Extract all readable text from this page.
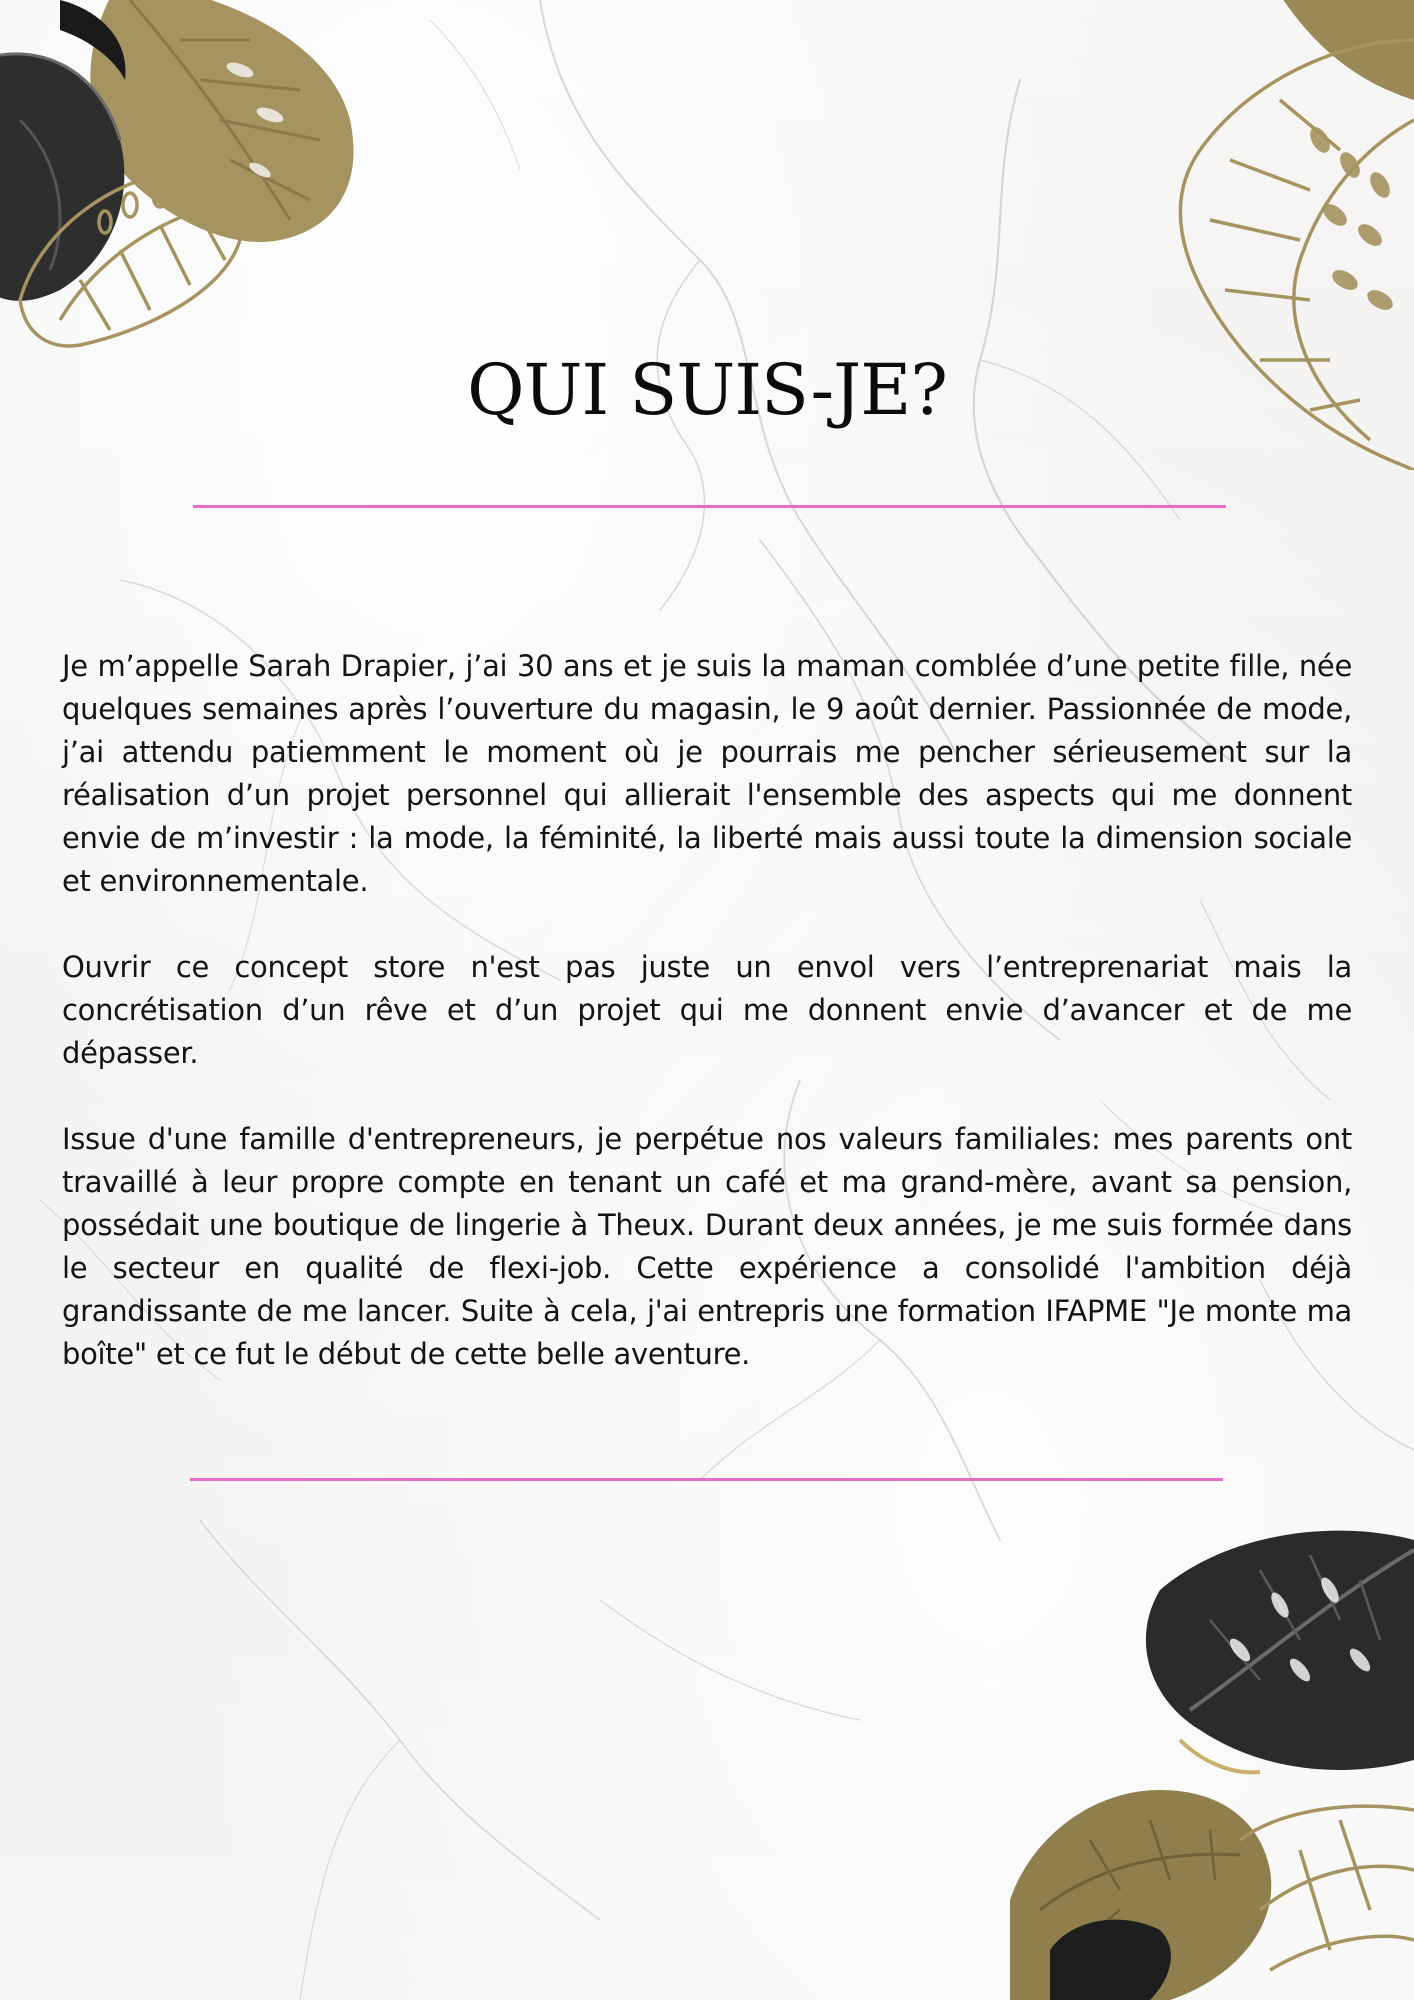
QUI SUIS-JE?

Je m’appelle Sarah Drapier, j’ai 30 ans et je suis la maman comblée d’une petite fille, née quelques semaines après l’ouverture du magasin, le 9 août dernier. Passionnée de mode, j’ai attendu patiemment le moment où je pourrais me pencher sérieusement sur la réalisation d’un projet personnel qui allierait l'ensemble des aspects qui me donnent envie de m’investir : la mode, la féminité, la liberté mais aussi toute la dimension sociale et environnementale.

Ouvrir ce concept store n'est pas juste un envol vers l’entreprenariat mais la concrétisation d’un rêve et d’un projet qui me donnent envie d’avancer et de me dépasser.

Issue d'une famille d'entrepreneurs, je perpétue nos valeurs familiales: mes parents ont travaillé à leur propre compte en tenant un café et ma grand-mère, avant sa pension, possédait une boutique de lingerie à Theux. Durant deux années, je me suis formée dans le secteur en qualité de flexi-job. Cette expérience a consolidé l'ambition déjà grandissante de me lancer. Suite à cela, j'ai entrepris une formation IFAPME "Je monte ma boîte" et ce fut le début de cette belle aventure.
